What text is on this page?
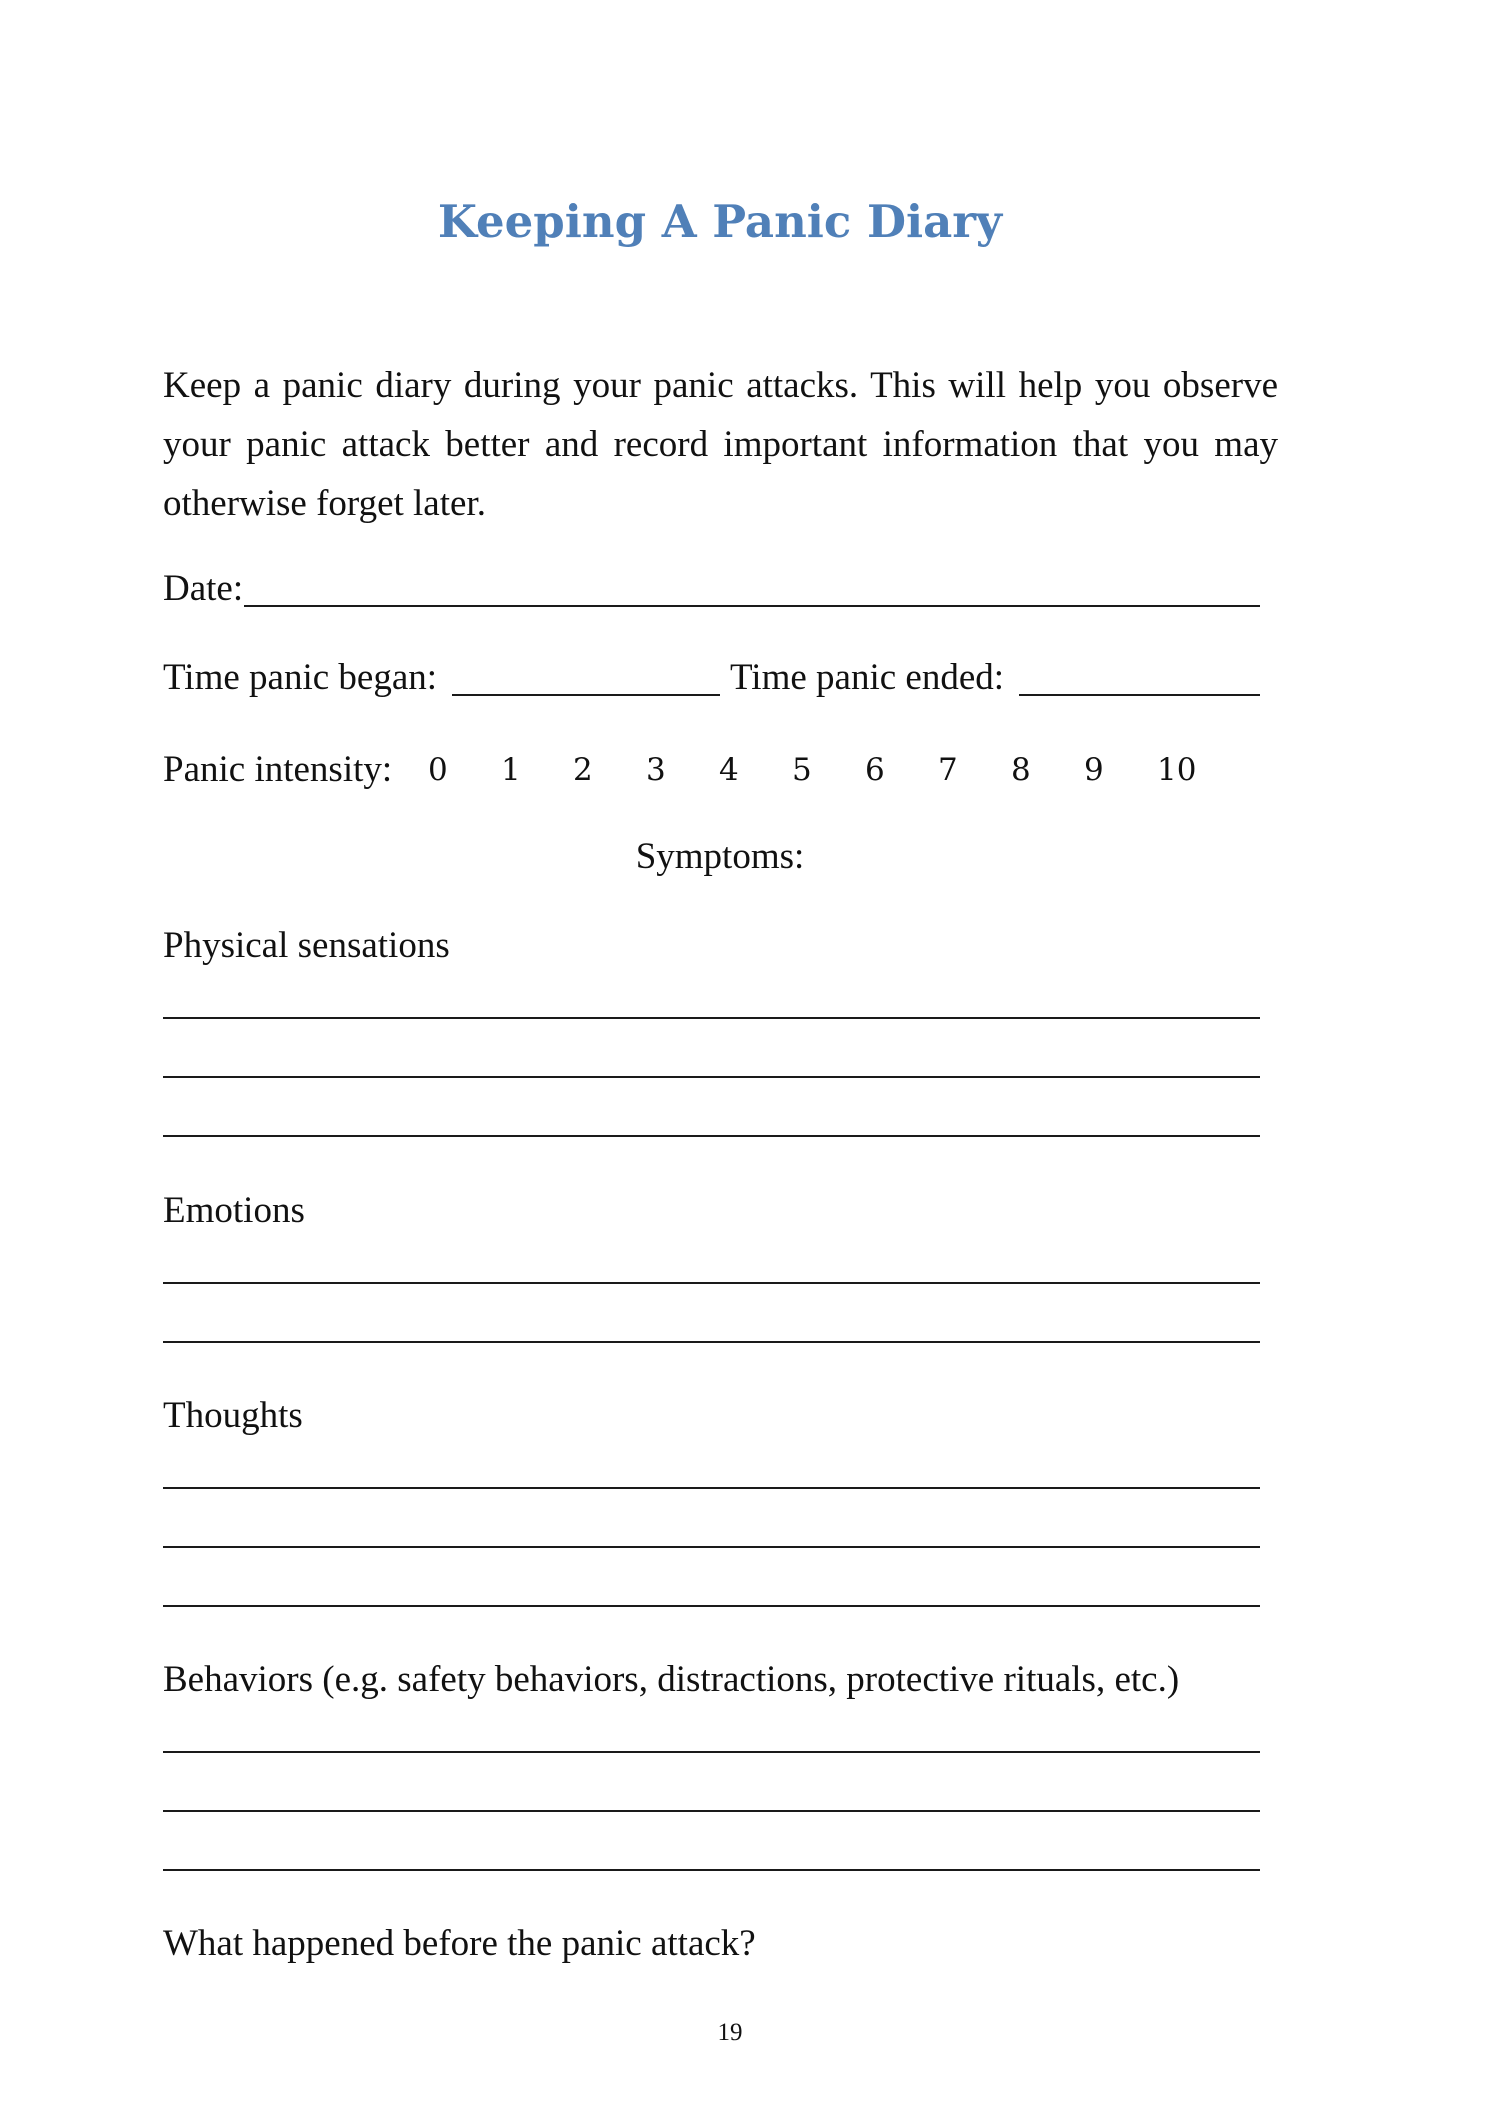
Keeping A Panic Diary

Keep a panic diary during your panic attacks. This will help you observe your panic attack better and record important information that you may otherwise forget later.

Date:
Time panic began:	Time panic ended:
Panic intensity: 0 1 2 3 4 5 6 7 8 9 10
Symptoms:
Physical sensations
Emotions
Thoughts
Behaviors (e.g. safety behaviors, distractions, protective rituals, etc.)
What happened before the panic attack?
19
